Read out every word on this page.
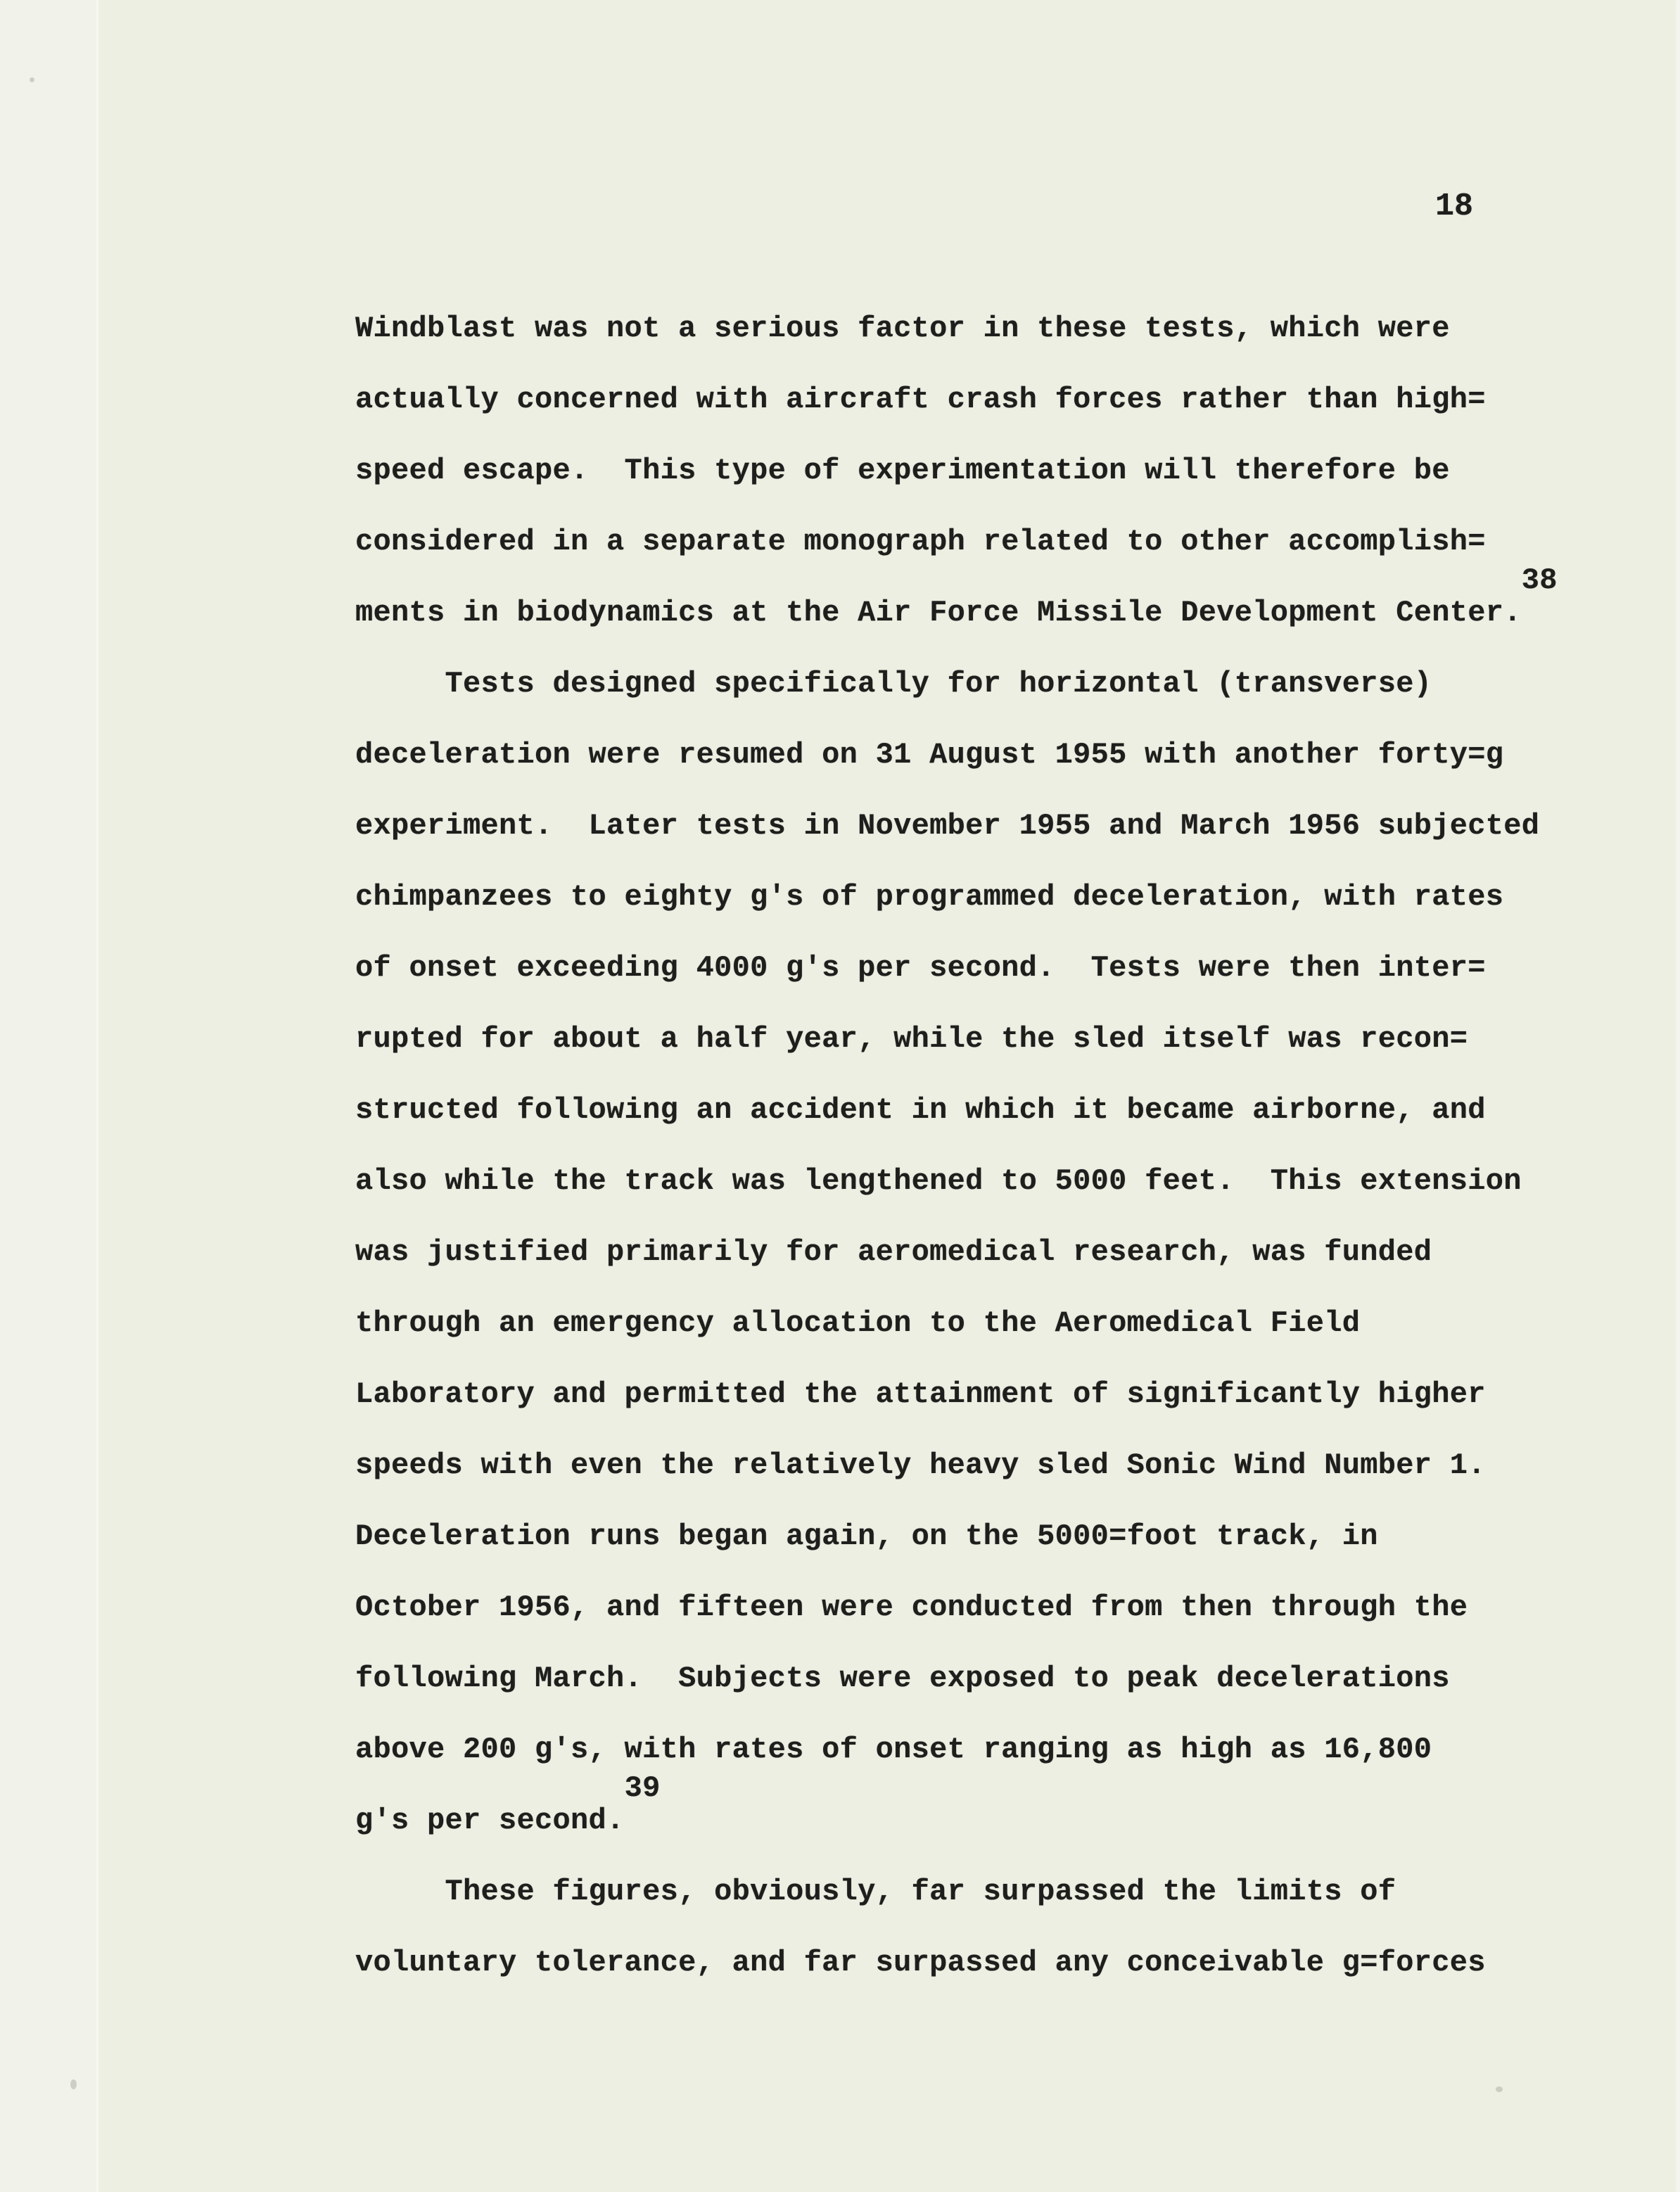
18
Windblast was not a serious factor in these tests, which were
actually concerned with aircraft crash forces rather than high=
speed escape.  This type of experimentation will therefore be
considered in a separate monograph related to other accomplish=
ments in biodynamics at the Air Force Missile Development Center.38
Tests designed specifically for horizontal (transverse)
deceleration were resumed on 31 August 1955 with another forty=g
experiment.  Later tests in November 1955 and March 1956 subjected
chimpanzees to eighty g's of programmed deceleration, with rates
of onset exceeding 4000 g's per second.  Tests were then inter=
rupted for about a half year, while the sled itself was recon=
structed following an accident in which it became airborne, and
also while the track was lengthened to 5000 feet.  This extension
was justified primarily for aeromedical research, was funded
through an emergency allocation to the Aeromedical Field
Laboratory and permitted the attainment of significantly higher
speeds with even the relatively heavy sled Sonic Wind Number 1.
Deceleration runs began again, on the 5000=foot track, in
October 1956, and fifteen were conducted from then through the
following March.  Subjects were exposed to peak decelerations
above 200 g's, with rates of onset ranging as high as 16,800
g's per second.39
These figures, obviously, far surpassed the limits of
voluntary tolerance, and far surpassed any conceivable g=forces
